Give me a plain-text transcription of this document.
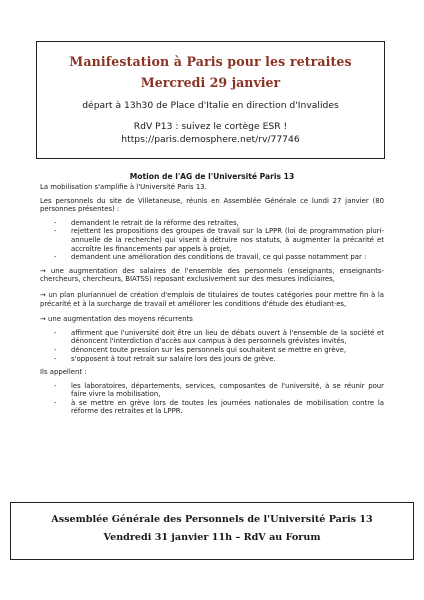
Manifestation à Paris pour les retraites
Mercredi 29 janvier
départ à 13h30 de Place d'Italie en direction d'Invalides
RdV P13 : suivez le cortège ESR !
https://paris.demosphere.net/rv/77746
Motion de l'AG de l'Université Paris 13

La mobilisation s'amplifie à l'Université Paris 13.

Les personnels du site de Villetaneuse, réunis en Assemblée Générale ce lundi 27 janvier (80 personnes présentes) :

- demandent le retrait de la réforme des retraites,
- rejettent les propositions des groupes de travail sur la LPPR (loi de programmation pluri-annuelle de la recherche) qui visent à détruire nos statuts, à augmenter la précarité et accroître les financements par appels à projet,
- demandent une amélioration des conditions de travail, ce qui passe notamment par :

→ une augmentation des salaires de l'ensemble des personnels (enseignants, enseignants-chercheurs, chercheurs, BIATSS) reposant exclusivement sur des mesures indiciaires,

→ un plan pluriannuel de création d'emplois de titulaires de toutes catégories pour mettre fin à la précarité et à la surcharge de travail et améliorer les conditions d'étude des étudiant·es,

→ une augmentation des moyens récurrents

- affirment que l'université doit être un lieu de débats ouvert à l'ensemble de la société et dénoncent l'interdiction d'accès aux campus à des personnels grévistes invités,
- dénoncent toute pression sur les personnels qui souhaitent se mettre en grève,
- s'opposent à tout retrait sur salaire lors des jours de grève.

Ils appellent :

- les laboratoires, départements, services, composantes de l'université, à se réunir pour faire vivre la mobilisation,
- à se mettre en grève lors de toutes les journées nationales de mobilisation contre la réforme des retraites et la LPPR.
Assemblée Générale des Personnels de l'Université Paris 13
Vendredi 31 janvier 11h – RdV au Forum
